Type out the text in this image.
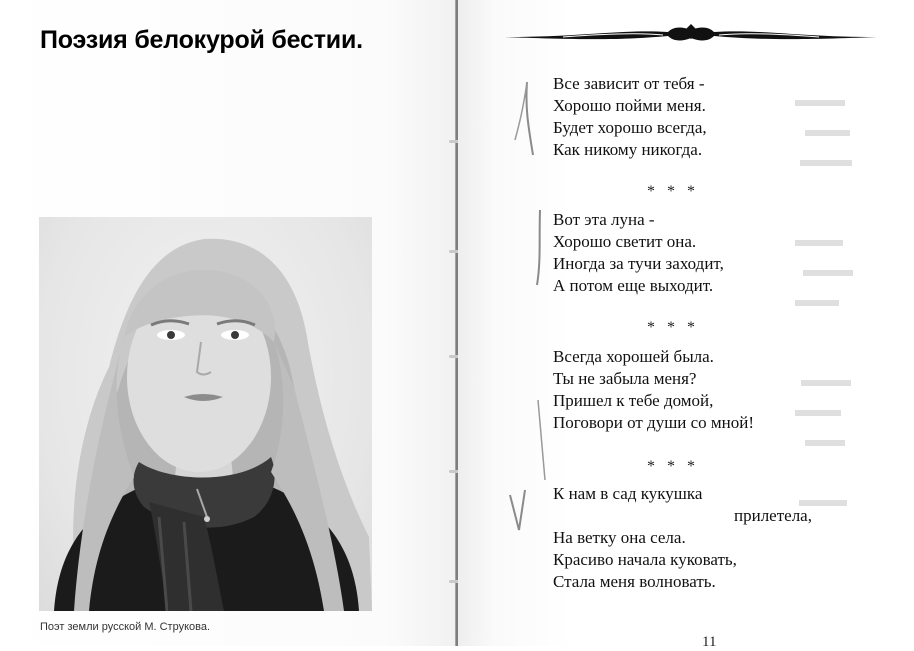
Поэзия белокурой бестии.
Поэт земли русской М. Струкова.
Все зависит от тебя -
Хорошо пойми меня.
Будет хорошо всегда,
Как никому никогда.
* * *
Вот эта луна -
Хорошо светит она.
Иногда за тучи заходит,
А потом еще выходит.
* * *
Всегда хорошей была.
Ты не забыла меня?
Пришел к тебе домой,
Поговори от души со мной!
* * *
К нам в сад кукушка
прилетела,
На ветку она села.
Красиво начала куковать,
Стала меня волновать.
11
